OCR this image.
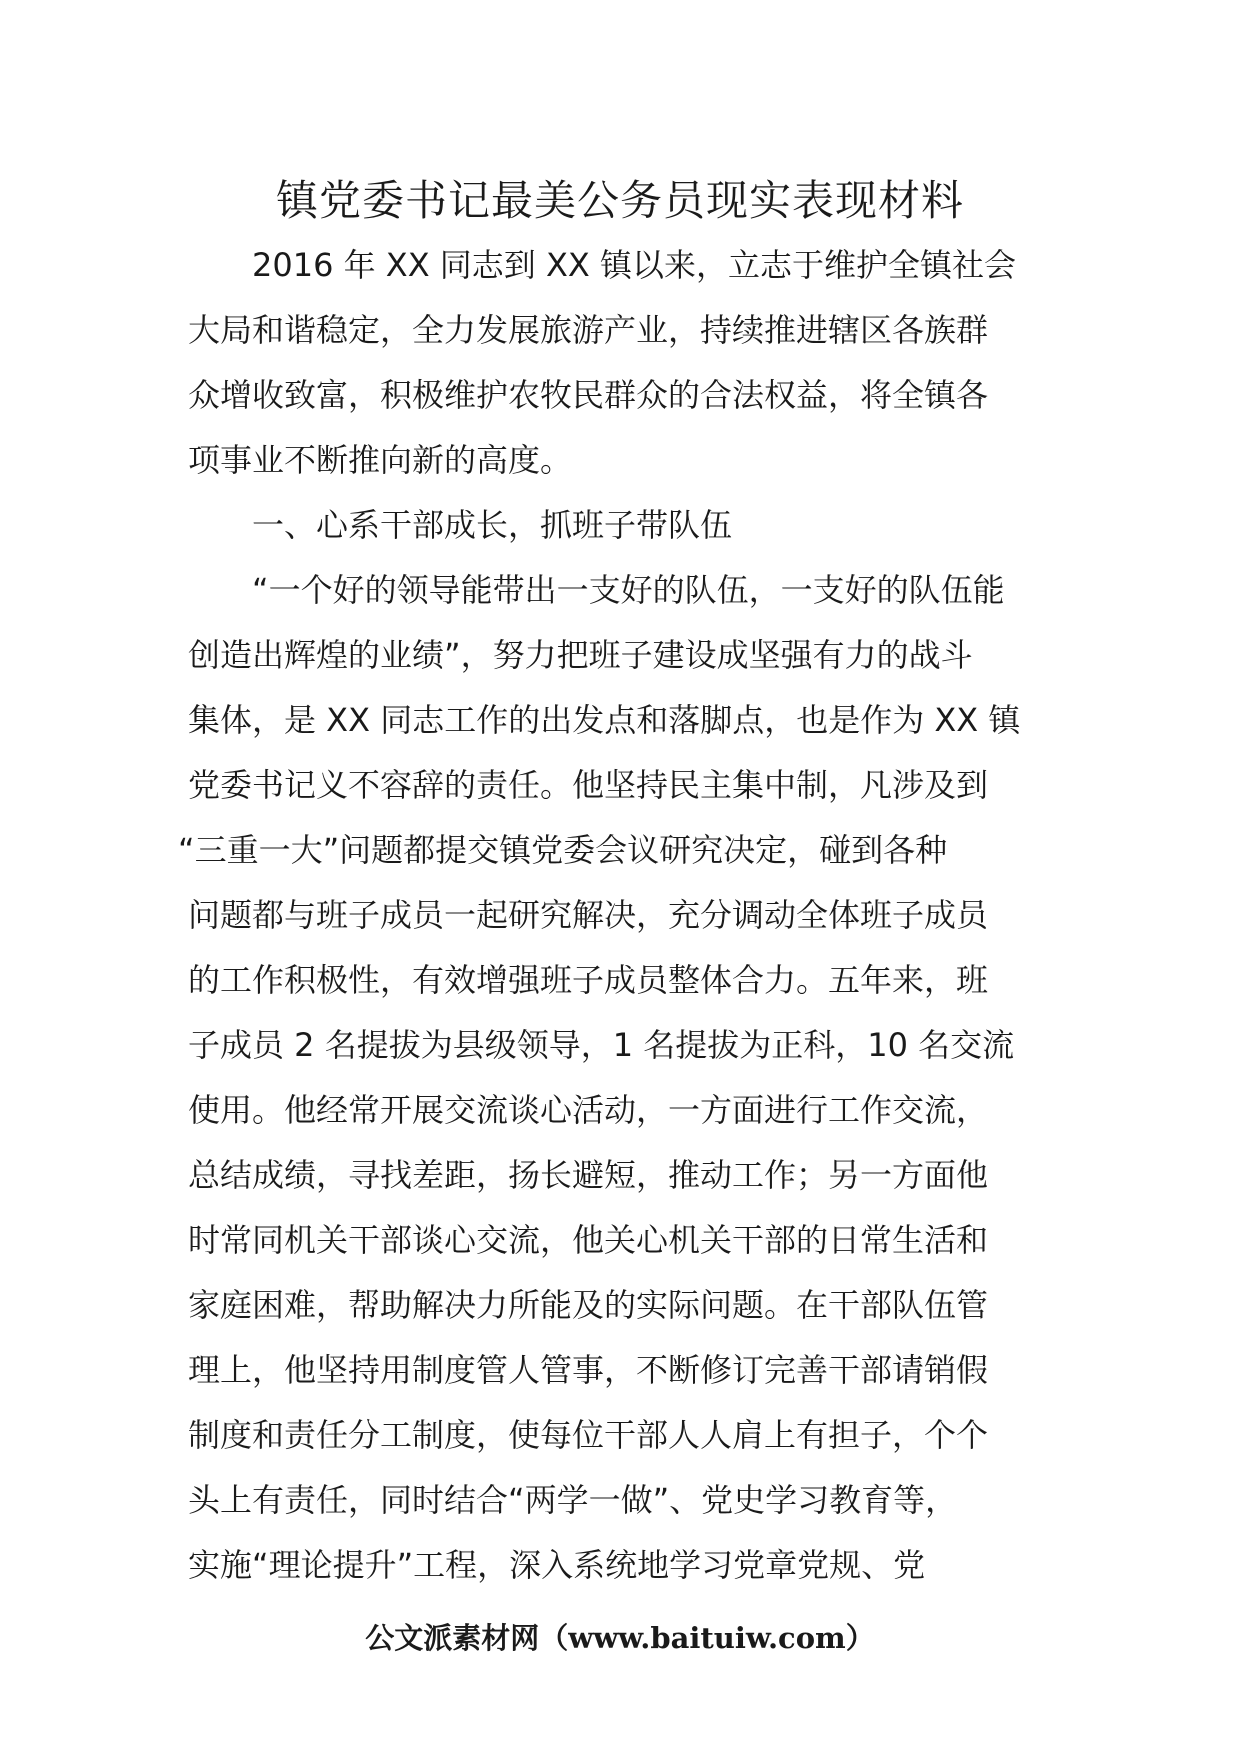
镇党委书记最美公务员现实表现材料

2016 年 XX 同志到 XX 镇以来，立志于维护全镇社会

大局和谐稳定，全力发展旅游产业，持续推进辖区各族群

众增收致富，积极维护农牧民群众的合法权益，将全镇各

项事业不断推向新的高度。

一、心系干部成长，抓班子带队伍

“一个好的领导能带出一支好的队伍，一支好的队伍能

创造出辉煌的业绩”，努力把班子建设成坚强有力的战斗

集体，是 XX 同志工作的出发点和落脚点，也是作为 XX 镇

党委书记义不容辞的责任。他坚持民主集中制，凡涉及到

“三重一大”问题都提交镇党委会议研究决定，碰到各种

问题都与班子成员一起研究解决，充分调动全体班子成员

的工作积极性，有效增强班子成员整体合力。五年来，班

子成员 2 名提拔为县级领导，1 名提拔为正科，10 名交流

使用。他经常开展交流谈心活动，一方面进行工作交流，

总结成绩，寻找差距，扬长避短，推动工作；另一方面他

时常同机关干部谈心交流，他关心机关干部的日常生活和

家庭困难，帮助解决力所能及的实际问题。在干部队伍管

理上，他坚持用制度管人管事，不断修订完善干部请销假

制度和责任分工制度，使每位干部人人肩上有担子，个个

头上有责任，同时结合“两学一做”、党史学习教育等，

实施“理论提升”工程，深入系统地学习党章党规、党

公文派素材网（www.baituiw.com）
